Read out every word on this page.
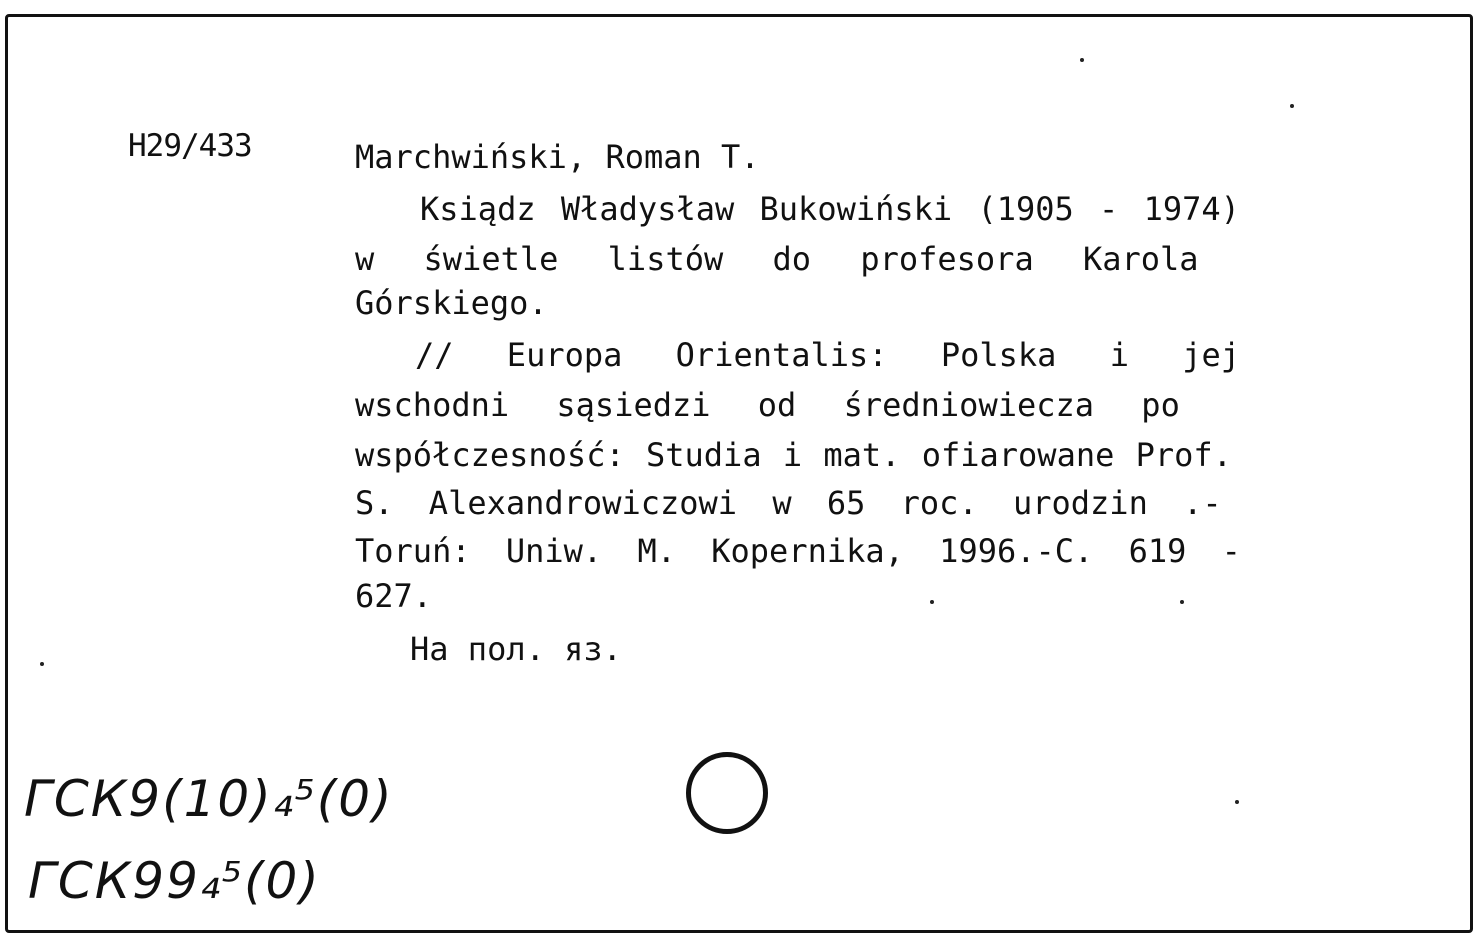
H29/433	Marchwiński, Roman T.
Ksiądz Władysław Bukowiński (1905 - 1974)
w świetle listów do profesora Karola
Górskiego.
// Europa Orientalis: Polska i jej
wschodni sąsiedzi od średniowiecza po
współczesność: Studia i mat. ofiarowane Prof.
S. Alexandrowiczowi w 65 roc. urodzin .-
Toruń: Uniw. M. Kopernika, 1996.-C. 619 -
627.
На пол. яз.
ГСК9(10)₄⁵(0)
ГСК99₄⁵(0)
